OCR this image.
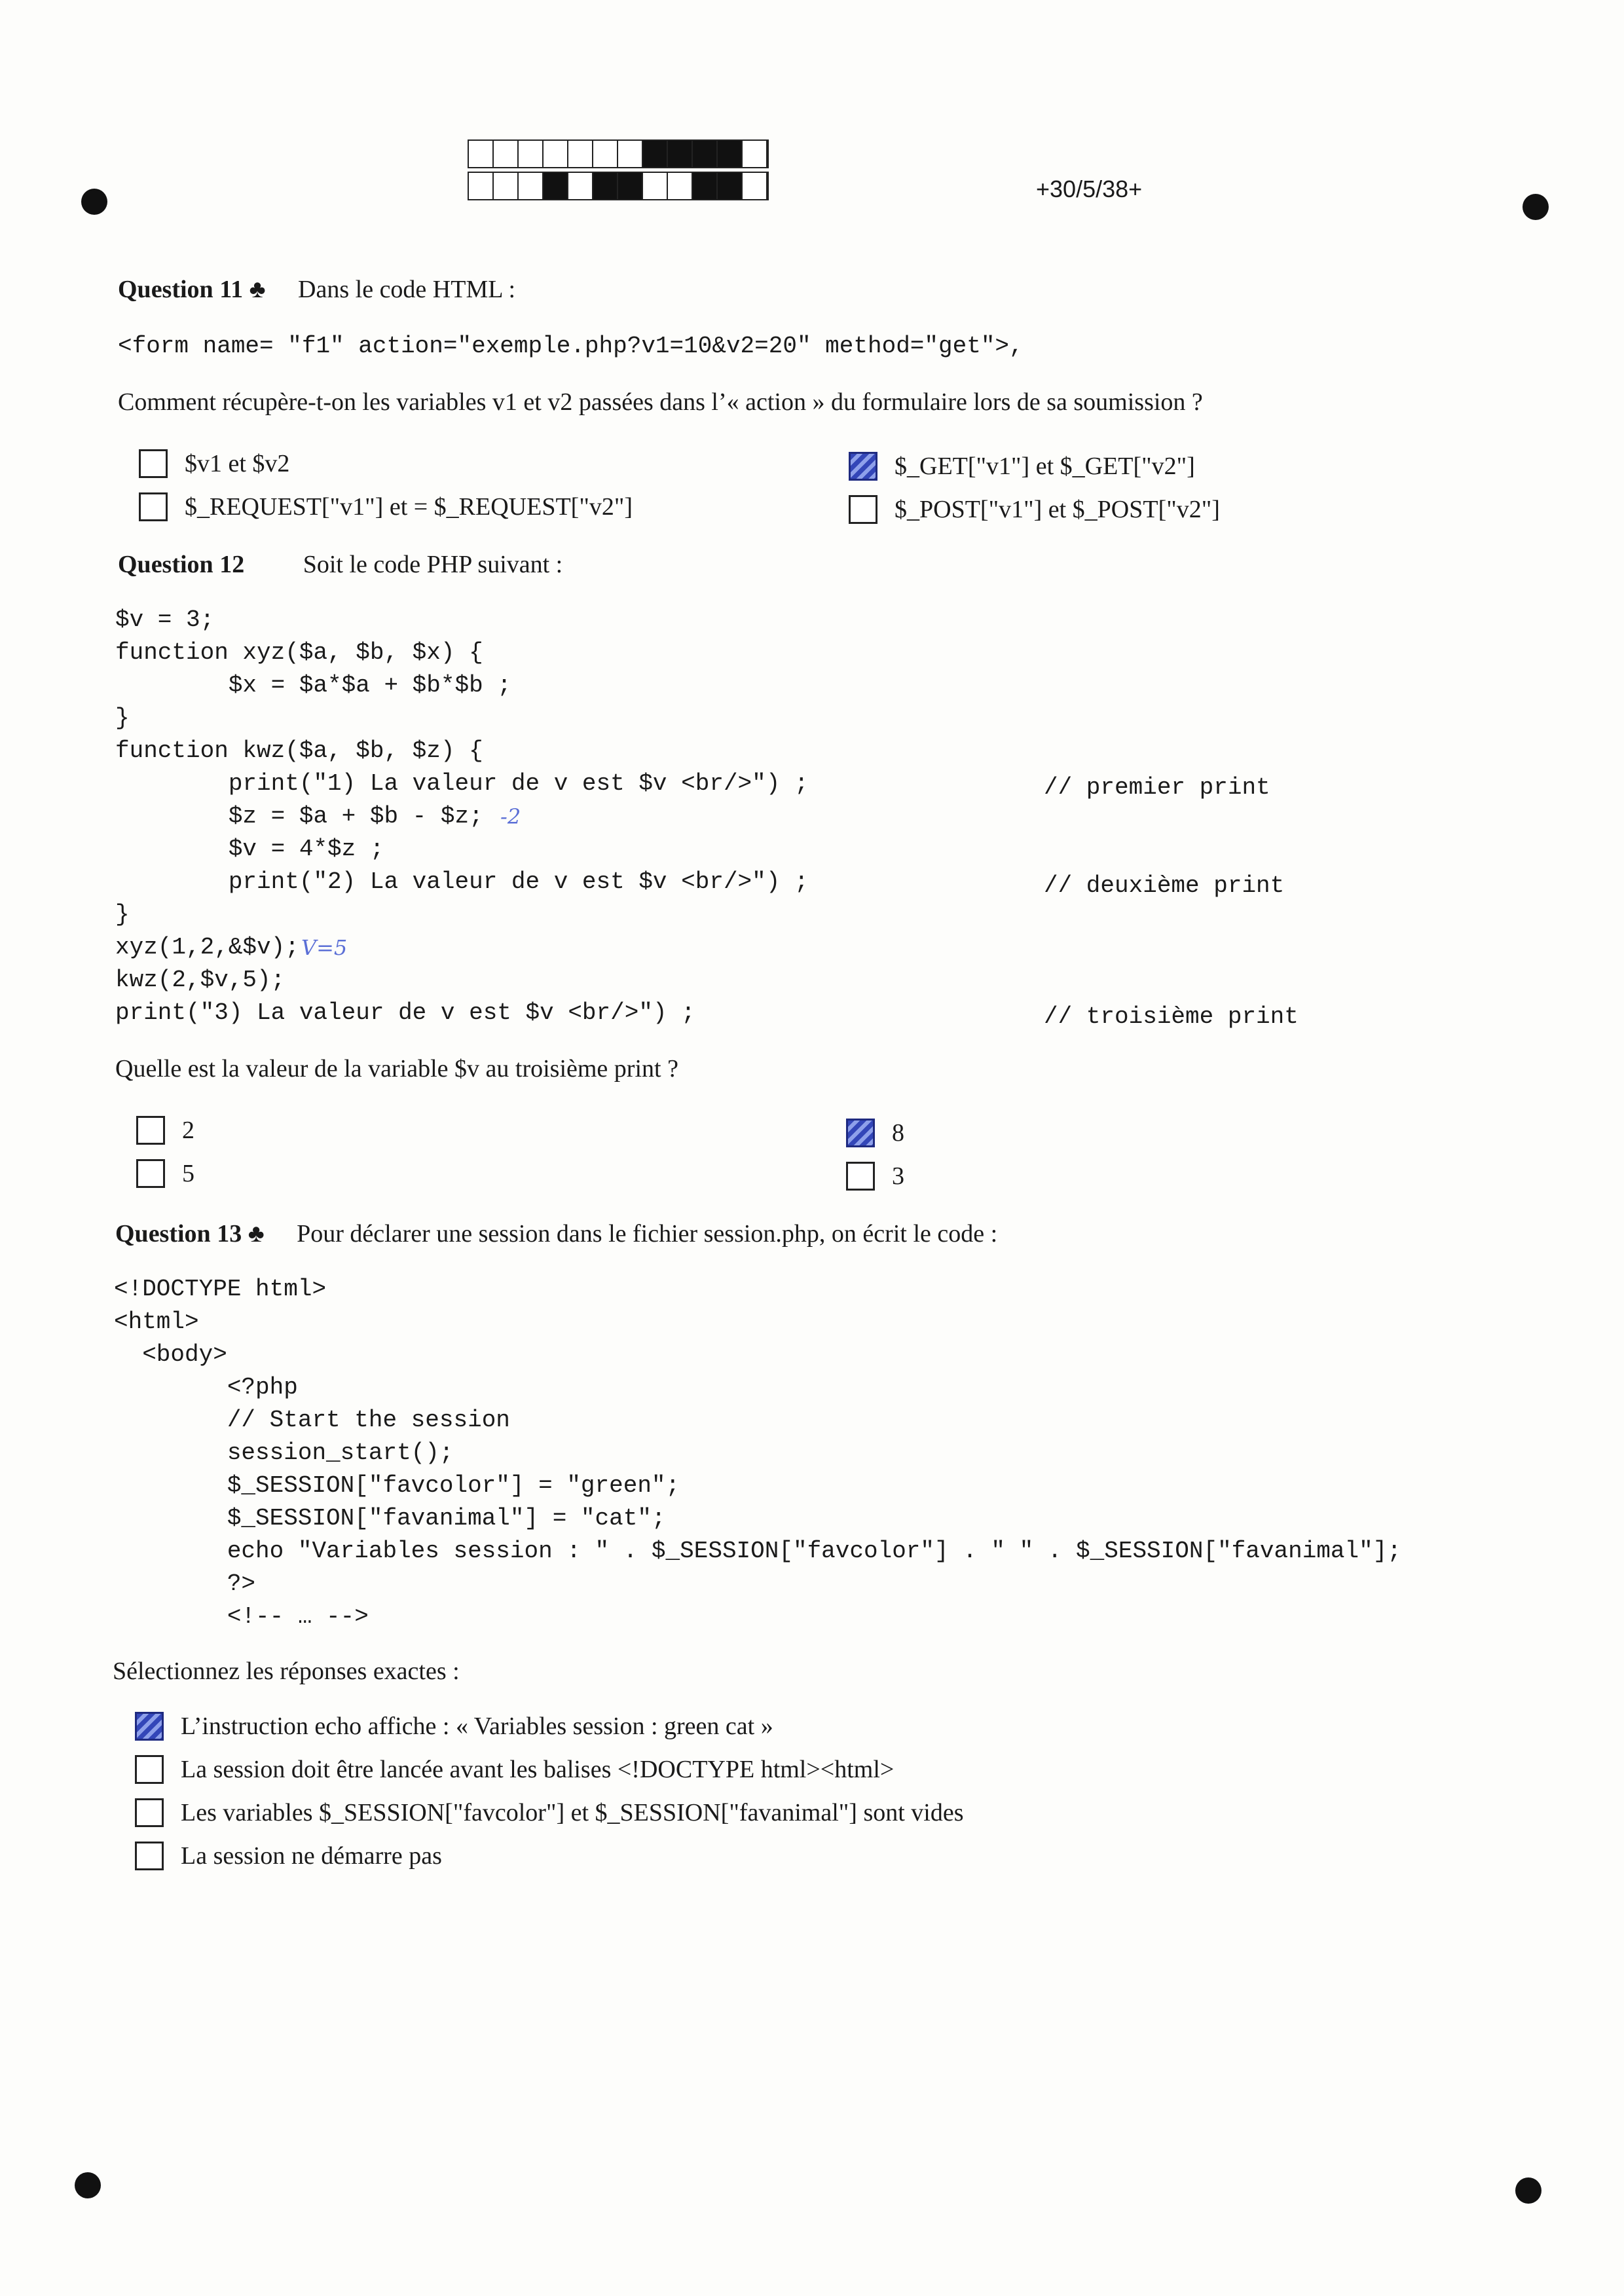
+30/5/38+
Question 11 ♣ Dans le code HTML :
<form name= "f1" action="exemple.php?v1=10&v2=20" method="get">,
Comment récupère-t-on les variables v1 et v2 passées dans l’« action » du formulaire lors de sa soumission ?
$v1 et $v2
$_REQUEST["v1"] et = $_REQUEST["v2"]
$_GET["v1"] et $_GET["v2"]
$_POST["v1"] et $_POST["v2"]
Question 12 Soit le code PHP suivant :
$v = 3;
function xyz($a, $b, $x) {
$x = $a*$a + $b*$b ;
}
function kwz($a, $b, $z) {
print("1) La valeur de v est $v <br/>") ;
$z = $a + $b - $z;
$v = 4*$z ;
print("2) La valeur de v est $v <br/>") ;
}
xyz(1,2,&$v);
kwz(2,$v,5);
print("3) La valeur de v est $v <br/>") ;
// premier print
// deuxième print
// troisième print
-2
V=5
Quelle est la valeur de la variable $v au troisième print ?
2
5
8
3
Question 13 ♣ Pour déclarer une session dans le fichier session.php, on écrit le code :
<!DOCTYPE html>
<html>
<body>
<?php
// Start the session
session_start();
$_SESSION["favcolor"] = "green";
$_SESSION["favanimal"] = "cat";
echo "Variables session : " . $_SESSION["favcolor"] . " " . $_SESSION["favanimal"];
?>
<!-- … -->
Sélectionnez les réponses exactes :
L’instruction echo affiche : « Variables session : green cat »
La session doit être lancée avant les balises <!DOCTYPE html><html>
Les variables $_SESSION["favcolor"] et $_SESSION["favanimal"] sont vides
La session ne démarre pas
